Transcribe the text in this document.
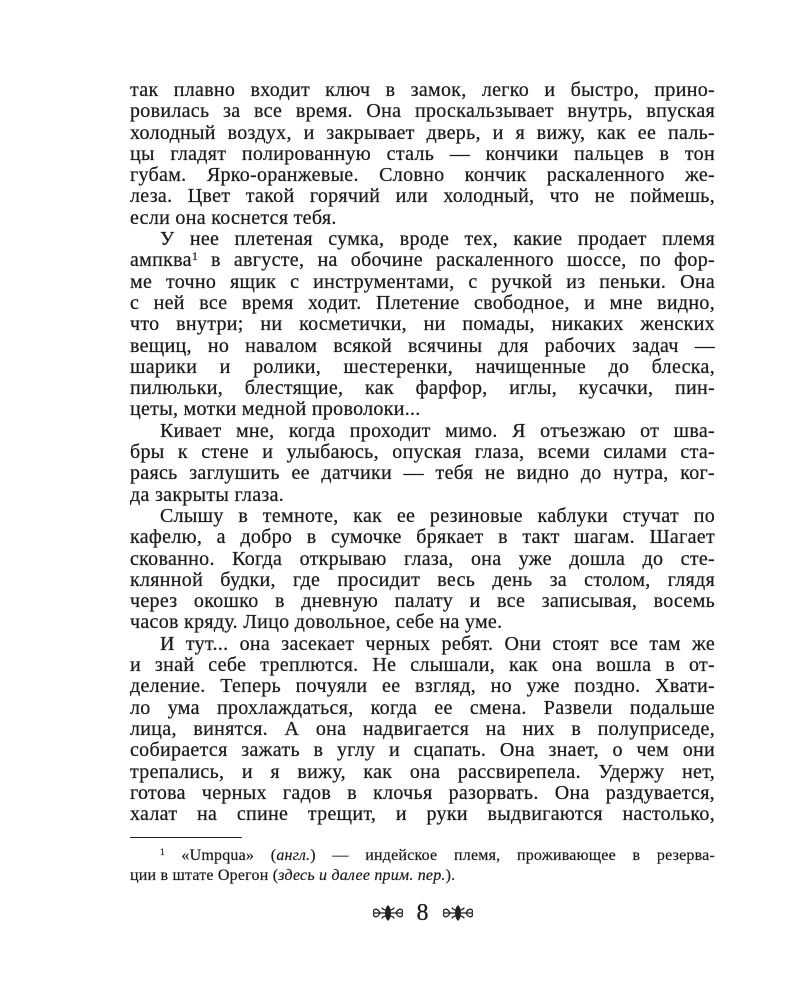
так плавно входит ключ в замок, легко и быстро, прино-
ровилась за все время. Она проскальзывает внутрь, впуская
холодный воздух, и закрывает дверь, и я вижу, как ее паль-
цы гладят полированную сталь — кончики пальцев в тон
губам. Ярко-оранжевые. Словно кончик раскаленного же-
леза. Цвет такой горячий или холодный, что не поймешь,
если она коснется тебя.
У нее плетеная сумка, вроде тех, какие продает племя
ампква$^1$ в августе, на обочине раскаленного шоссе, по фор-
ме точно ящик с инструментами, с ручкой из пеньки. Она
с ней все время ходит. Плетение свободное, и мне видно,
что внутри; ни косметички, ни помады, никаких женских
вещиц, но навалом всякой всячины для рабочих задач —
шарики и ролики, шестеренки, начищенные до блеска,
пилюльки, блестящие, как фарфор, иглы, кусачки, пин-
цеты, мотки медной проволоки...
Кивает мне, когда проходит мимо. Я отъезжаю от шва-
бры к стене и улыбаюсь, опуская глаза, всеми силами ста-
раясь заглушить ее датчики — тебя не видно до нутра, ког-
да закрыты глаза.
Слышу в темноте, как ее резиновые каблуки стучат по
кафелю, а добро в сумочке брякает в такт шагам. Шагает
скованно. Когда открываю глаза, она уже дошла до сте-
клянной будки, где просидит весь день за столом, глядя
через окошко в дневную палату и все записывая, восемь
часов кряду. Лицо довольное, себе на уме.
И тут... она засекает черных ребят. Они стоят все там же
и знай себе треплются. Не слышали, как она вошла в от-
деление. Теперь почуяли ее взгляд, но уже поздно. Хвати-
ло ума прохлаждаться, когда ее смена. Развели подальше
лица, винятся. А она надвигается на них в полуприседе,
собирается зажать в углу и сцапать. Она знает, о чем они
трепались, и я вижу, как она рассвирепела. Удержу нет,
готова черных гадов в клочья разорвать. Она раздувается,
халат на спине трещит, и руки выдвигаются настолько,
$^1$ «Umpqua» (англ.) — индейское племя, проживающее в резерва-
ции в штате Орегон (здесь и далее прим. пер.).
8
